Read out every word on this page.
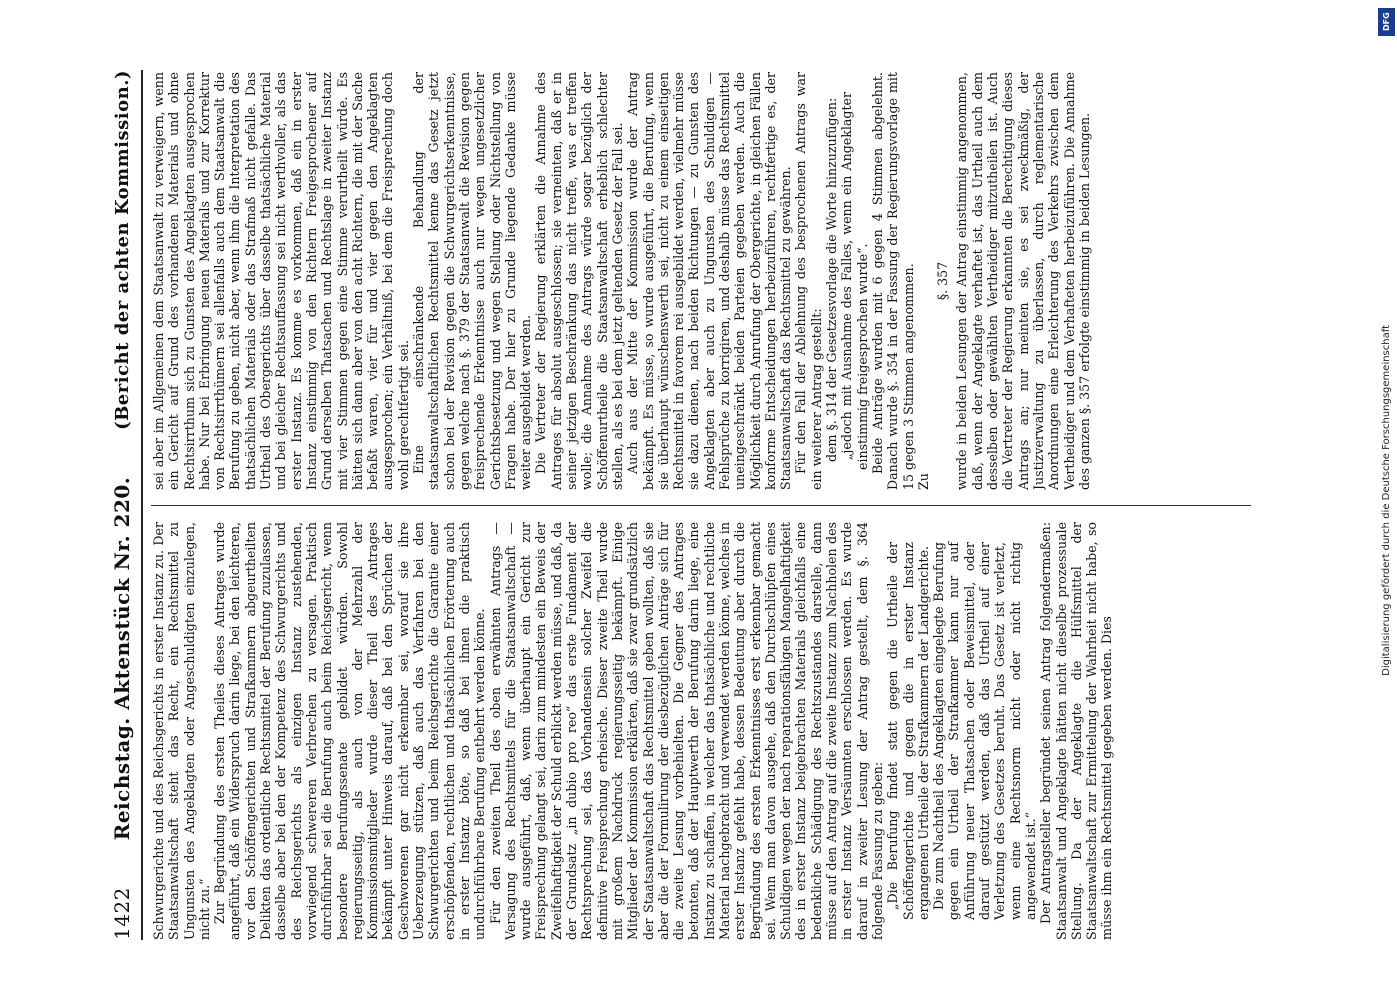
1422
Reichstag. Aktenstück Nr. 220.
(Bericht der achten Kommission.)

Schwurgerichte und des Reichsgerichts in erster Instanz zu. Der Staatsanwaltschaft steht das Recht, ein Rechtsmittel zu Ungunsten des Angeklagten oder Angeschuldigten einzulegen, nicht zu.“ Zur Begründung des ersten Theiles dieses Antrages wurde angeführt, daß ein Widerspruch darin liege, bei den leichteren, vor den Schöffengerichten und Strafkammern abgeurtheilten Delikten das ordentliche Rechtsmittel der Berufung zuzulassen, dasselbe aber bei den der Kompetenz des Schwurgerichts und des Reichsgerichts als einzigen Instanz zustehenden, vorwiegend schwereren Verbrechen zu versagen. Praktisch durchführbar sei die Berufung auch beim Reichsgericht, wenn besondere Berufungssenate gebildet würden. Sowohl regierungsseitig, als auch von der Mehrzahl der Kommissionsmitglieder wurde dieser Theil des Antrages bekämpft unter Hinweis darauf, daß bei den Sprüchen der Geschworenen gar nicht erkennbar sei, worauf sie ihre Ueberzeugung stützen, daß auch das Verfahren bei den Schwurgerichten und beim Reichsgerichte die Garantie einer erschöpfenden, rechtlichen und thatsächlichen Erörterung auch in erster Instanz böte, so daß bei ihnen die praktisch undurchführbare Berufung entbehrt werden könne. Für den zweiten Theil des oben erwähnten Antrags — Versagung des Rechtsmittels für die Staatsanwaltschaft — wurde ausgeführt, daß, wenn überhaupt ein Gericht zur Freisprechung gelangt sei, darin zum mindesten ein Beweis der Zweifelhaftigkeit der Schuld erblickt werden müsse, und daß, da der Grundsatz „in dubio pro reo“ das erste Fundament der Rechtsprechung sei, das Vorhandensein solcher Zweifel die definitive Freisprechung erheische. Dieser zweite Theil wurde mit großem Nachdruck regierungsseitig bekämpft. Einige Mitglieder der Kommission erklärten, daß sie zwar grundsätzlich der Staatsanwaltschaft das Rechtsmittel geben wollten, daß sie aber die der Formulirung der diesbezüglichen Anträge sich für die zweite Lesung vorbehielten. Die Gegner des Antrages betonten, daß der Hauptwerth der Berufung darin liege, eine Instanz zu schaffen, in welcher das thatsächliche und rechtliche Material nachgebracht und verwendet werden könne, welches in erster Instanz gefehlt habe, dessen Bedeutung aber durch die Begründung des ersten Erkenntnisses erst erkennbar gemacht sei. Wenn man davon ausgehe, daß den Durchschlüpfen eines Schuldigen wegen der nach reparationsfähigen Mangelhaftigkeit des in erster Instanz beigebrachten Materials gleichfalls eine bedenkliche Schädigung des Rechtszustandes darstelle, dann müsse auf den Antrag auf die zweite Instanz zum Nachholen des in erster Instanz Versäumten erschlossen werden. Es wurde darauf in zweiter Lesung der Antrag gestellt, dem §. 364 folgende Fassung zu geben: „Die Berufung findet statt gegen die Urtheile der Schöffengerichte und gegen die in erster Instanz ergangenen Urtheile der Strafkammern der Landgerichte. Die zum Nachtheil des Angeklagten eingelegte Berufung gegen ein Urtheil der Strafkammer kann nur auf Anführung neuer Thatsachen oder Beweismittel, oder darauf gestützt werden, daß das Urtheil auf einer Verletzung des Gesetzes beruht. Das Gesetz ist verletzt, wenn eine Rechtsnorm nicht oder nicht richtig angewendet ist.“ Der Antragsteller begründet seinen Antrag folgendermaßen: Staatsanwalt und Angeklagte hätten nicht dieselbe prozessuale Stellung. Da der Angeklagte die Hülfsmittel der Staatsanwaltschaft zur Ermittelung der Wahrheit nicht habe, so müsse ihm ein Rechtsmittel gegeben werden. Dies

sei aber im Allgemeinen dem Staatsanwalt zu verweigern, wenn ein Gericht auf Grund des vorhandenen Materials und ohne Rechtsirrthum sich zu Gunsten des Angeklagten ausgesprochen habe. Nur bei Erbringung neuen Materials und zur Korrektur von Rechtsirrthümern sei allenfalls auch dem Staatsanwalt die Berufung zu geben, nicht aber, wenn ihm die Interpretation des thatsächlichen Materials oder das Strafmaß nicht gefalle. Das Urtheil des Obergerichts über dasselbe thatsächliche Material und bei gleicher Rechtsauffassung sei nicht werthvoller, als das erster Instanz. Es komme es vorkommen, daß ein in erster Instanz einstimmig von den Richtern Freigesprochener auf Grund derselben Thatsachen und Rechtslage in zweiter Instanz mit vier Stimmen gegen eine Stimme verurtheilt würde. Es hätten sich dann aber von den acht Richtern, die mit der Sache befaßt waren, vier für und vier gegen den Angeklagten ausgesprochen; ein Verhältniß, bei dem die Freisprechung doch wohl gerechtfertigt sei. Eine einschränkende Behandlung der staatsanwaltschaftlichen Rechtsmittel kenne das Gesetz jetzt schon bei der Revision gegen die Schwurgerichtserkenntnisse, gegen welche nach §. 379 der Staatsanwalt die Revision gegen freisprechende Erkenntnisse auch nur wegen ungesetzlicher Gerichtsbesetzung und wegen Stellung oder Nichtstellung von Fragen habe. Der hier zu Grunde liegende Gedanke müsse weiter ausgebildet werden. Die Vertreter der Regierung erklärten die Annahme des Antrages für absolut ausgeschlossen; sie verneinten, daß er in seiner jetzigen Beschränkung das nicht treffe, was er treffen wolle; die Annahme des Antrags würde sogar bezüglich der Schöffenurtheile die Staatsanwaltschaft erheblich schlechter stellen, als es bei dem jetzt geltenden Gesetz der Fall sei. Auch aus der Mitte der Kommission wurde der Antrag bekämpft. Es müsse, so wurde ausgeführt, die Berufung, wenn sie überhaupt wünschenswerth sei, nicht zu einem einseitigen Rechtsmittel in favorem rei ausgebildet werden, vielmehr müsse sie dazu dienen, nach beiden Richtungen — zu Gunsten des Angeklagten aber auch zu Ungunsten des Schuldigen — Fehlsprüche zu korrigiren, und deshalb müsse das Rechtsmittel uneingeschränkt beiden Parteien gegeben werden. Auch die Möglichkeit durch Anrufung der Obergerichte, in gleichen Fällen konforme Entscheidungen herbeizuführen, rechtfertige es, der Staatsanwaltschaft das Rechtsmittel zu gewähren. Für den Fall der Ablehnung des besprochenen Antrags war ein weiterer Antrag gestellt: dem §. 314 der Gesetzesvorlage die Worte hinzuzufügen: „jedoch mit Ausnahme des Falles, wenn ein Angeklagter einstimmig freigesprochen wurde“. Beide Anträge wurden mit 6 gegen 4 Stimmen abgelehnt. Danach wurde §. 354 in der Fassung der Regierungsvorlage mit 15 gegen 3 Stimmen angenommen. Zu

§. 357 wurde in beiden Lesungen der Antrag einstimmig angenommen, daß, wenn der Angeklagte verhaftet ist, das Urtheil auch dem desselben oder gewählten Vertheidiger mitzutheilen ist. Auch die Vertreter der Regierung erkannten die Berechtigung dieses Antrags an; nur meinten sie, es sei zweckmäßig, der Justizverwaltung zu überlassen, durch reglementarische Anordnungen eine Erleichterung des Verkehrs zwischen dem Vertheidiger und dem Verhafteten herbeizuführen. Die Annahme des ganzen §. 357 erfolgte einstimmig in beiden Lesungen.

Digitalisierung gefördert durch die Deutsche Forschungsgemeinschaft
DFG
